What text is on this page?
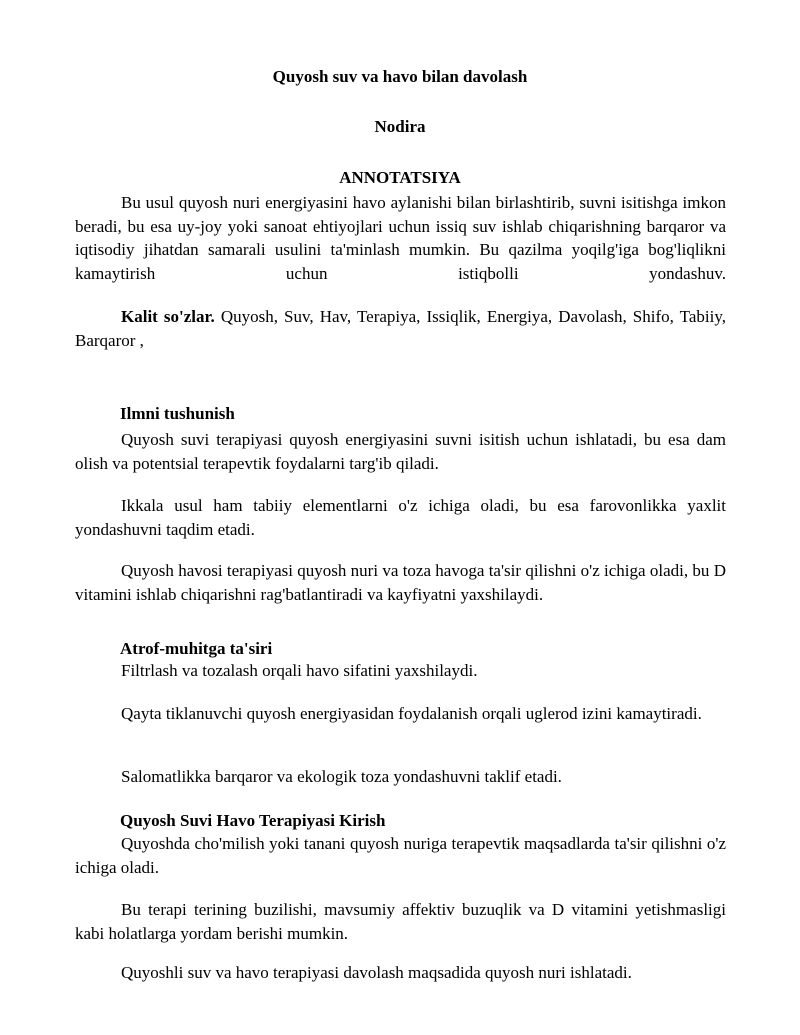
Quyosh suv va havo bilan davolash
Nodira
ANNOTATSIYA

Bu usul quyosh nuri energiyasini havo aylanishi bilan birlashtirib, suvni isitishga imkon beradi, bu esa uy-joy yoki sanoat ehtiyojlari uchun issiq suv ishlab chiqarishning barqaror va iqtisodiy jihatdan samarali usulini ta'minlash mumkin. Bu qazilma yoqilg'iga bog'liqlikni kamaytirish uchun istiqbolli yondashuv.

Kalit so'zlar. Quyosh, Suv, Hav, Terapiya, Issiqlik, Energiya, Davolash, Shifo, Tabiiy, Barqaror ,

Ilmni tushunish

Quyosh suvi terapiyasi quyosh energiyasini suvni isitish uchun ishlatadi, bu esa dam olish va potentsial terapevtik foydalarni targ'ib qiladi.

Ikkala usul ham tabiiy elementlarni o'z ichiga oladi, bu esa farovonlikka yaxlit yondashuvni taqdim etadi.

Quyosh havosi terapiyasi quyosh nuri va toza havoga ta'sir qilishni o'z ichiga oladi, bu D vitamini ishlab chiqarishni rag'batlantiradi va kayfiyatni yaxshilaydi.

Atrof-muhitga ta'siri

Filtrlash va tozalash orqali havo sifatini yaxshilaydi.

Qayta tiklanuvchi quyosh energiyasidan foydalanish orqali uglerod izini kamaytiradi.

Salomatlikka barqaror va ekologik toza yondashuvni taklif etadi.

Quyosh Suvi Havo Terapiyasi Kirish

Quyoshda cho'milish yoki tanani quyosh nuriga terapevtik maqsadlarda ta'sir qilishni o'z ichiga oladi.

Bu terapi terining buzilishi, mavsumiy affektiv buzuqlik va D vitamini yetishmasligi kabi holatlarga yordam berishi mumkin.

Quyoshli suv va havo terapiyasi davolash maqsadida quyosh nuri ishlatadi.
